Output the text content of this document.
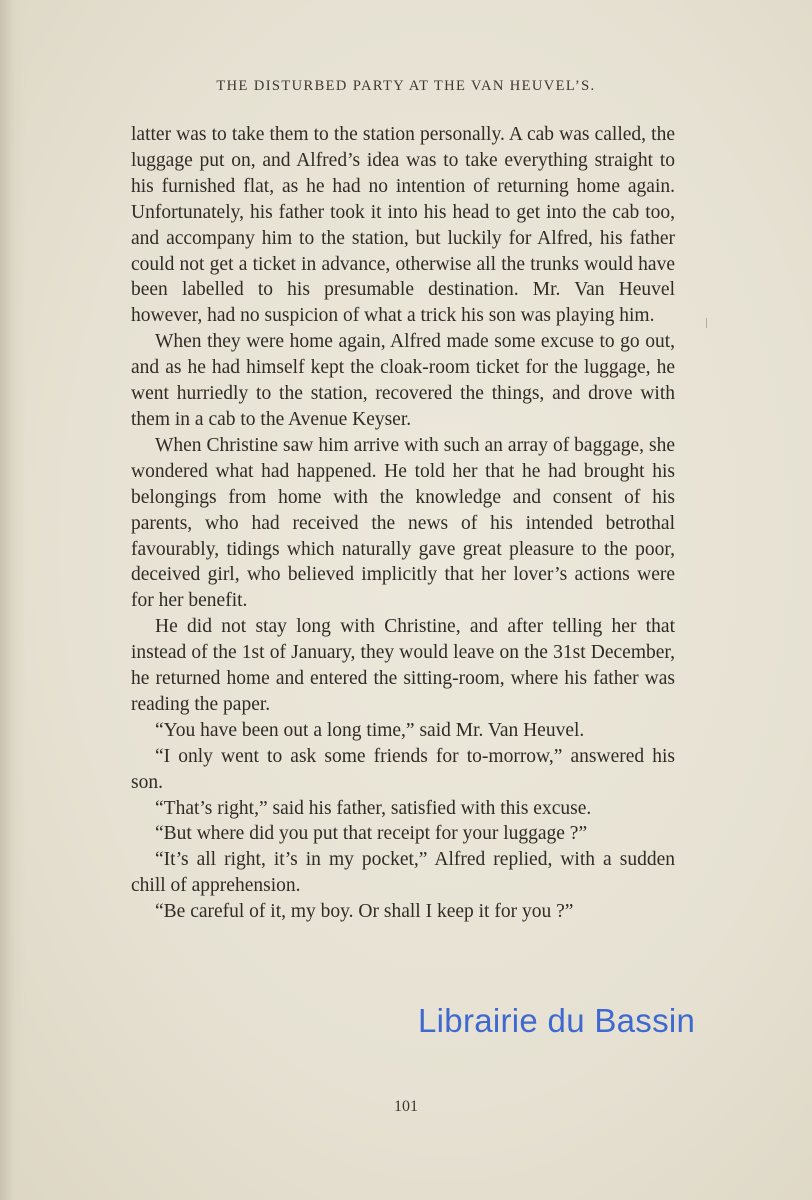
THE DISTURBED PARTY AT THE VAN HEUVEL’S.

latter was to take them to the station personally. A cab was called, the luggage put on, and Alfred’s idea was to take everything straight to his furnished flat, as he had no intention of returning home again. Unfortunately, his father took it into his head to get into the cab too, and accompany him to the station, but luckily for Alfred, his father could not get a ticket in advance, otherwise all the trunks would have been labelled to his presumable destination. Mr. Van Heuvel however, had no suspicion of what a trick his son was playing him.

When they were home again, Alfred made some excuse to go out, and as he had himself kept the cloak-room ticket for the luggage, he went hurriedly to the station, recovered the things, and drove with them in a cab to the Avenue Keyser.

When Christine saw him arrive with such an array of baggage, she wondered what had happened. He told her that he had brought his belongings from home with the knowledge and consent of his parents, who had received the news of his intended betrothal favourably, tidings which naturally gave great pleasure to the poor, deceived girl, who believed implicitly that her lover’s actions were for her benefit.

He did not stay long with Christine, and after telling her that instead of the 1st of January, they would leave on the 31st December, he returned home and entered the sitting-room, where his father was reading the paper.

“You have been out a long time,” said Mr. Van Heuvel.

“I only went to ask some friends for to-morrow,” answered his son.

“That’s right,” said his father, satisfied with this excuse.

“But where did you put that receipt for your luggage ?”

“It’s all right, it’s in my pocket,” Alfred replied, with a sudden chill of apprehension.

“Be careful of it, my boy. Or shall I keep it for you ?”

101
Librairie du Bassin
